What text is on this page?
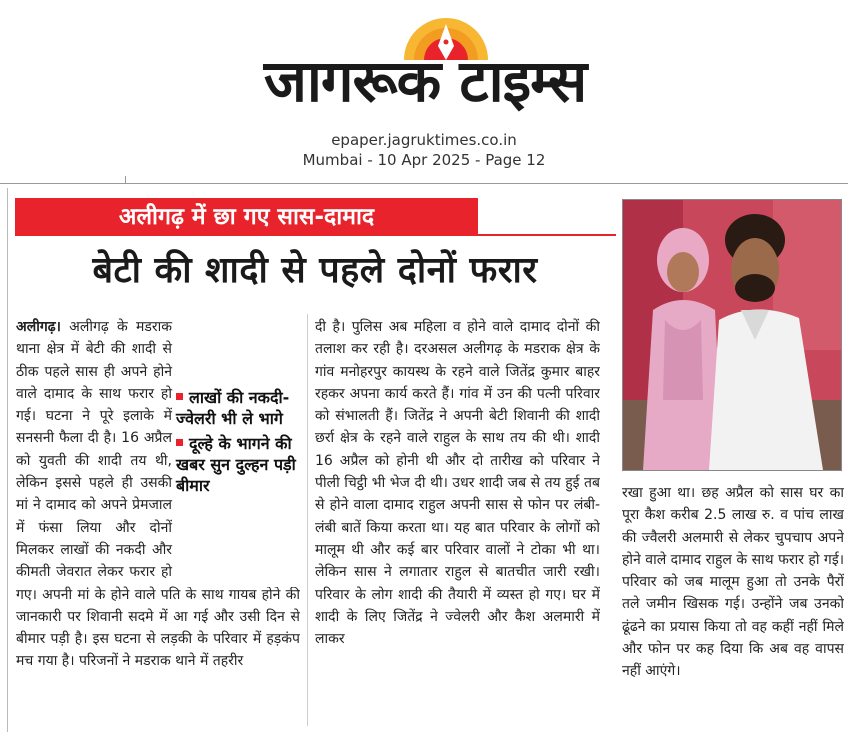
जागरूक टाइम्स
epaper.jagruktimes.co.in
Mumbai - 10 Apr 2025 - Page 12
अलीगढ़ में छा गए सास-दामाद
बेटी की शादी से पहले दोनों फरार

अलीगढ़। अलीगढ़ के मडराक थाना क्षेत्र में बेटी की शादी से ठीक पहले सास ही अपने होने वाले दामाद के साथ फरार हो गई। घटना ने पूरे इलाके में सनसनी फैला दी है। 16 अप्रैल को युवती की शादी तय थी, लेकिन इससे पहले ही उसकी मां ने दामाद को अपने प्रेमजाल में फंसा लिया और दोनों मिलकर लाखों की नकदी और कीमती जेवरात लेकर फरार हो गए। अपनी मां के होने वाले पति के साथ गायब होने की जानकारी पर शिवानी सदमे में आ गई और उसी दिन से बीमार पड़ी है। इस घटना से लड़की के परिवार में हड़कंप मच गया है। परिजनों ने मडराक थाने में तहरीर

लाखों की नकदी-ज्वेलरी भी ले भागे
दूल्हे के भागने की खबर सुन दुल्हन पड़ी बीमार

दी है। पुलिस अब महिला व होने वाले दामाद दोनों की तलाश कर रही है। दरअसल अलीगढ़ के मडराक क्षेत्र के गांव मनोहरपुर कायस्थ के रहने वाले जितेंद्र कुमार बाहर रहकर अपना कार्य करते हैं। गांव में उन की पत्नी परिवार को संभालती हैं। जितेंद्र ने अपनी बेटी शिवानी की शादी छर्रा क्षेत्र के रहने वाले राहुल के साथ तय की थी। शादी 16 अप्रैल को होनी थी और दो तारीख को परिवार ने पीली चिट्ठी भी भेज दी थी। उधर शादी जब से तय हुई तब से होने वाला दामाद राहुल अपनी सास से फोन पर लंबी-लंबी बातें किया करता था। यह बात परिवार के लोगों को मालूम थी और कई बार परिवार वालों ने टोका भी था। लेकिन सास ने लगातार राहुल से बातचीत जारी रखी। परिवार के लोग शादी की तैयारी में व्यस्त हो गए। घर में शादी के लिए जितेंद्र ने ज्वेलरी और कैश अलमारी में लाकर

रखा हुआ था। छह अप्रैल को सास घर का पूरा कैश करीब 2.5 लाख रु. व पांच लाख की ज्वैलरी अलमारी से लेकर चुपचाप अपने होने वाले दामाद राहुल के साथ फरार हो गई। परिवार को जब मालूम हुआ तो उनके पैरों तले जमीन खिसक गई। उन्होंने जब उनको ढूंढने का प्रयास किया तो वह कहीं नहीं मिले और फोन पर कह दिया कि अब वह वापस नहीं आएंगे।
